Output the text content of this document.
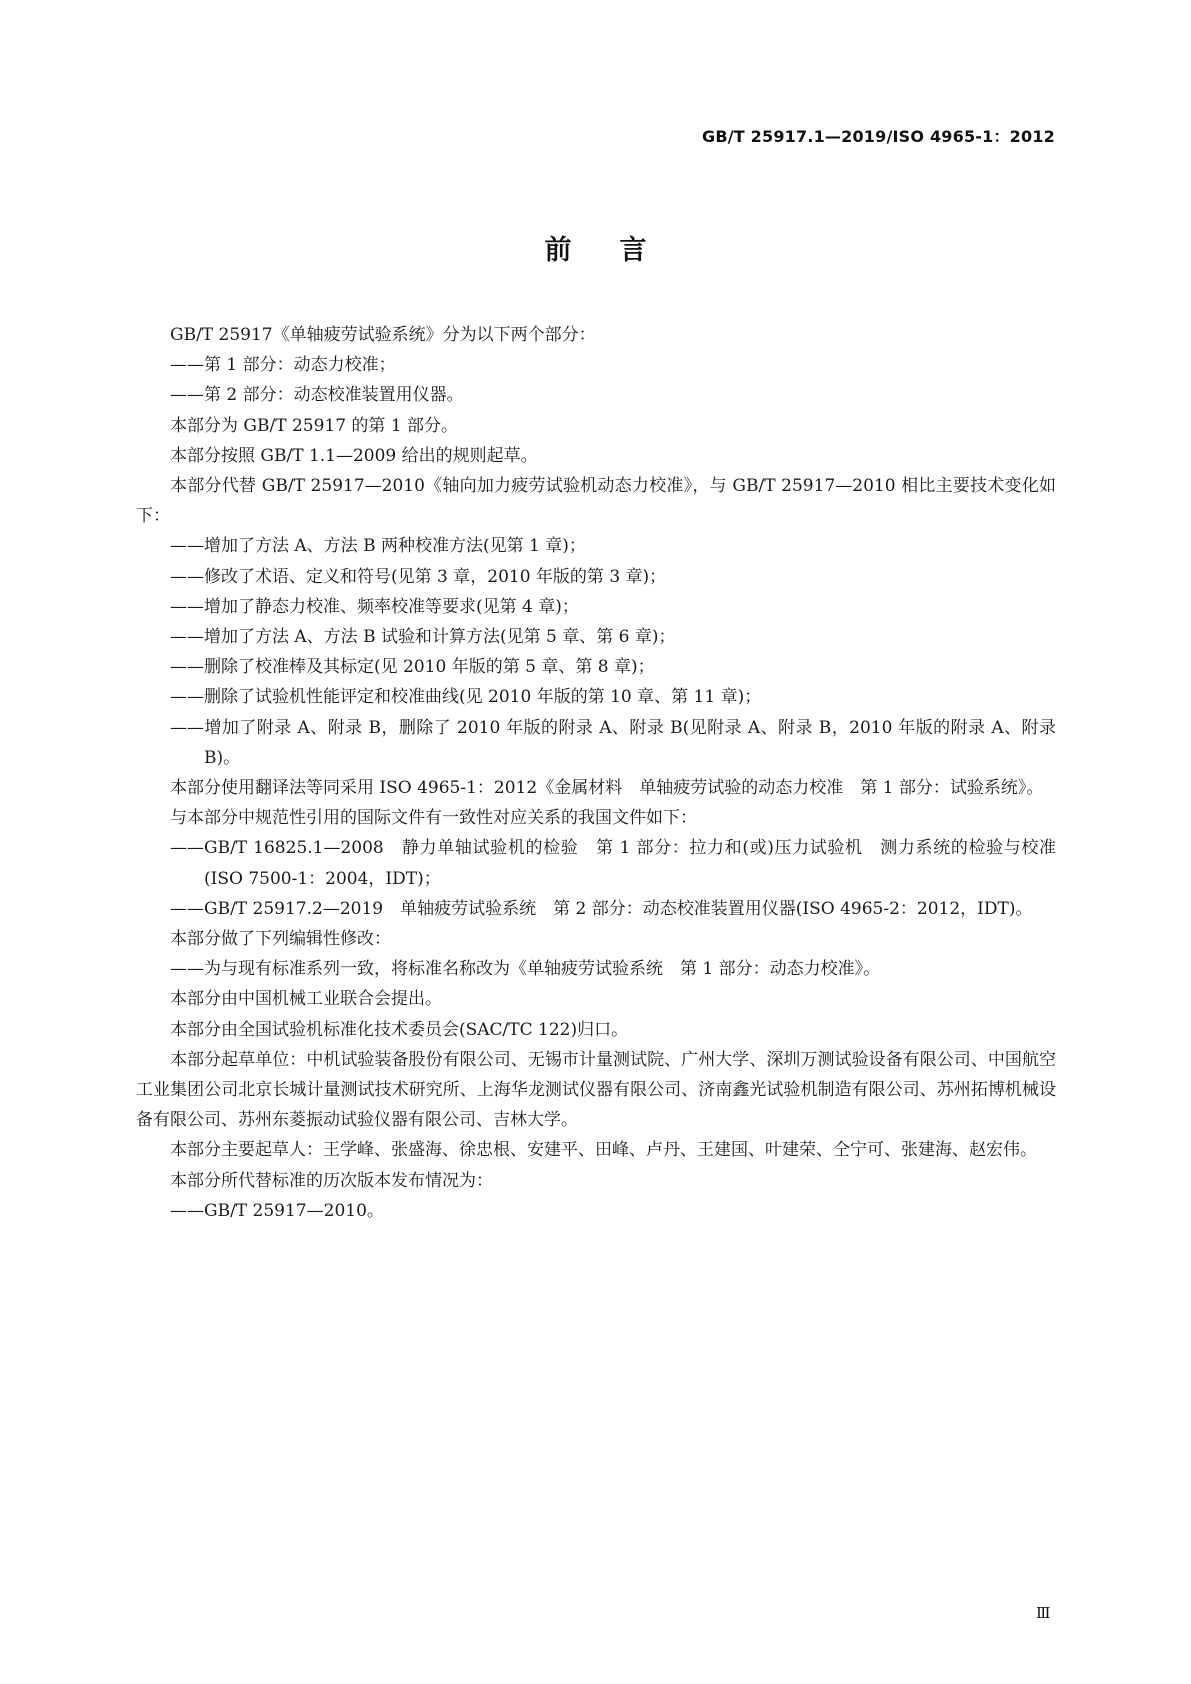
GB/T 25917.1—2019/ISO 4965-1：2012
前言

GB/T 25917《单轴疲劳试验系统》分为以下两个部分：

——第 1 部分：动态力校准；

——第 2 部分：动态校准装置用仪器。

本部分为 GB/T 25917 的第 1 部分。

本部分按照 GB/T 1.1—2009 给出的规则起草。

本部分代替 GB/T 25917—2010《轴向加力疲劳试验机动态力校准》，与 GB/T 25917—2010 相比主要技术变化如下：

——增加了方法 A、方法 B 两种校准方法(见第 1 章)；

——修改了术语、定义和符号(见第 3 章，2010 年版的第 3 章)；

——增加了静态力校准、频率校准等要求(见第 4 章)；

——增加了方法 A、方法 B 试验和计算方法(见第 5 章、第 6 章)；

——删除了校准棒及其标定(见 2010 年版的第 5 章、第 8 章)；

——删除了试验机性能评定和校准曲线(见 2010 年版的第 10 章、第 11 章)；

——增加了附录 A、附录 B，删除了 2010 年版的附录 A、附录 B(见附录 A、附录 B，2010 年版的附录 A、附录 B)。

本部分使用翻译法等同采用 ISO 4965-1：2012《金属材料　单轴疲劳试验的动态力校准　第 1 部分：试验系统》。

与本部分中规范性引用的国际文件有一致性对应关系的我国文件如下：

——GB/T 16825.1—2008　静力单轴试验机的检验　第 1 部分：拉力和(或)压力试验机　测力系统的检验与校准(ISO 7500-1：2004，IDT)；

——GB/T 25917.2—2019　单轴疲劳试验系统　第 2 部分：动态校准装置用仪器(ISO 4965-2：2012，IDT)。

本部分做了下列编辑性修改：

——为与现有标准系列一致，将标准名称改为《单轴疲劳试验系统　第 1 部分：动态力校准》。

本部分由中国机械工业联合会提出。

本部分由全国试验机标准化技术委员会(SAC/TC 122)归口。

本部分起草单位：中机试验装备股份有限公司、无锡市计量测试院、广州大学、深圳万测试验设备有限公司、中国航空工业集团公司北京长城计量测试技术研究所、上海华龙测试仪器有限公司、济南鑫光试验机制造有限公司、苏州拓博机械设备有限公司、苏州东菱振动试验仪器有限公司、吉林大学。

本部分主要起草人：王学峰、张盛海、徐忠根、安建平、田峰、卢丹、王建国、叶建荣、仝宁可、张建海、赵宏伟。

本部分所代替标准的历次版本发布情况为：

——GB/T 25917—2010。

Ⅲ
